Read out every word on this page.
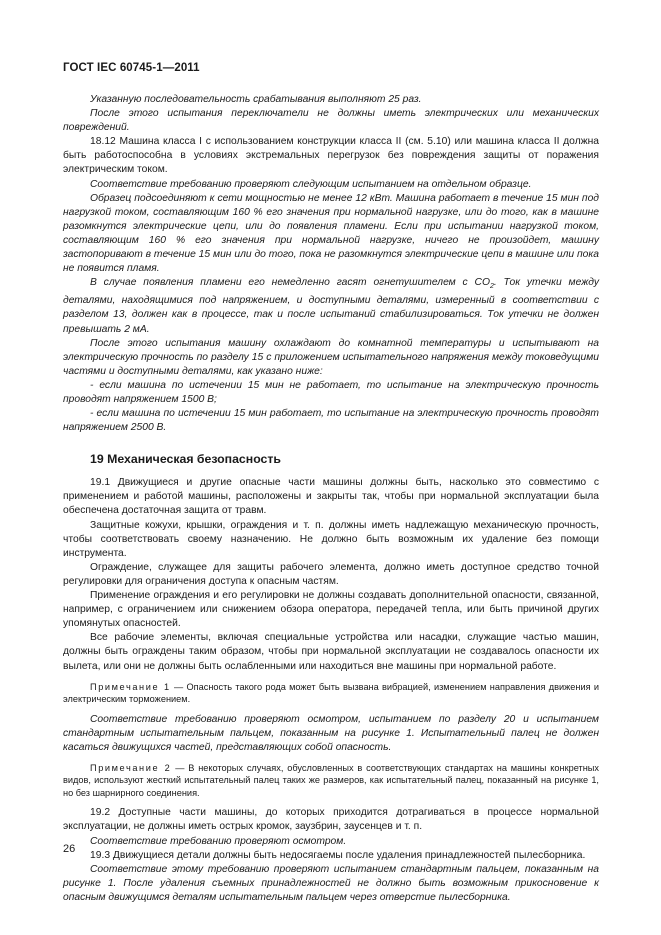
ГОСТ IEC 60745-1—2011

Указанную последовательность срабатывания выполняют 25 раз.

После этого испытания переключатели не должны иметь электрических или механических повреждений.

18.12 Машина класса I с использованием конструкции класса II (см. 5.10) или машина класса II должна быть работоспособна в условиях экстремальных перегрузок без повреждения защиты от поражения электрическим током.

Соответствие требованию проверяют следующим испытанием на отдельном образце.

Образец подсоединяют к сети мощностью не менее 12 кВт. Машина работает в течение 15 мин под нагрузкой током, составляющим 160 % его значения при нормальной нагрузке, или до того, как в машине разомкнутся электрические цепи, или до появления пламени. Если при испытании нагрузкой током, составляющим 160 % его значения при нормальной нагрузке, ничего не произойдет, машину застопоривают в течение 15 мин или до того, пока не разомкнутся электрические цепи в машине или пока не появится пламя.

В случае появления пламени его немедленно гасят огнетушителем с $CO_2$. Ток утечки между деталями, находящимися под напряжением, и доступными деталями, измеренный в соответствии с разделом 13, должен как в процессе, так и после испытаний стабилизироваться. Ток утечки не должен превышать 2 мА.

После этого испытания машину охлаждают до комнатной температуры и испытывают на электрическую прочность по разделу 15 с приложением испытательного напряжения между токоведущими частями и доступными деталями, как указано ниже:

- если машина по истечении 15 мин не работает, то испытание на электрическую прочность проводят напряжением 1500 В;

- если машина по истечении 15 мин работает, то испытание на электрическую прочность проводят напряжением 2500 В.

19 Механическая безопасность

19.1 Движущиеся и другие опасные части машины должны быть, насколько это совместимо с применением и работой машины, расположены и закрыты так, чтобы при нормальной эксплуатации была обеспечена достаточная защита от травм.

Защитные кожухи, крышки, ограждения и т. п. должны иметь надлежащую механическую прочность, чтобы соответствовать своему назначению. Не должно быть возможным их удаление без помощи инструмента.

Ограждение, служащее для защиты рабочего элемента, должно иметь доступное средство точной регулировки для ограничения доступа к опасным частям.

Применение ограждения и его регулировки не должны создавать дополнительной опасности, связанной, например, с ограничением или снижением обзора оператора, передачей тепла, или быть причиной других упомянутых опасностей.

Все рабочие элементы, включая специальные устройства или насадки, служащие частью машин, должны быть ограждены таким образом, чтобы при нормальной эксплуатации не создавалось опасности их вылета, или они не должны быть ослабленными или находиться вне машины при нормальной работе.

Примечание 1 — Опасность такого рода может быть вызвана вибрацией, изменением направления движения и электрическим торможением.

Соответствие требованию проверяют осмотром, испытанием по разделу 20 и испытанием стандартным испытательным пальцем, показанным на рисунке 1. Испытательный палец не должен касаться движущихся частей, представляющих собой опасность.

Примечание 2 — В некоторых случаях, обусловленных в соответствующих стандартах на машины конкретных видов, используют жесткий испытательный палец таких же размеров, как испытательный палец, показанный на рисунке 1, но без шарнирного соединения.

19.2 Доступные части машины, до которых приходится дотрагиваться в процессе нормальной эксплуатации, не должны иметь острых кромок, заузбрин, заусенцев и т. п.

Соответствие требованию проверяют осмотром.

19.3 Движущиеся детали должны быть недосягаемы после удаления принадлежностей пылесборника.

Соответствие этому требованию проверяют испытанием стандартным пальцем, показанным на рисунке 1. После удаления съемных принадлежностей не должно быть возможным прикосновение к опасным движущимся деталям испытательным пальцем через отверстие пылесборника.

26
